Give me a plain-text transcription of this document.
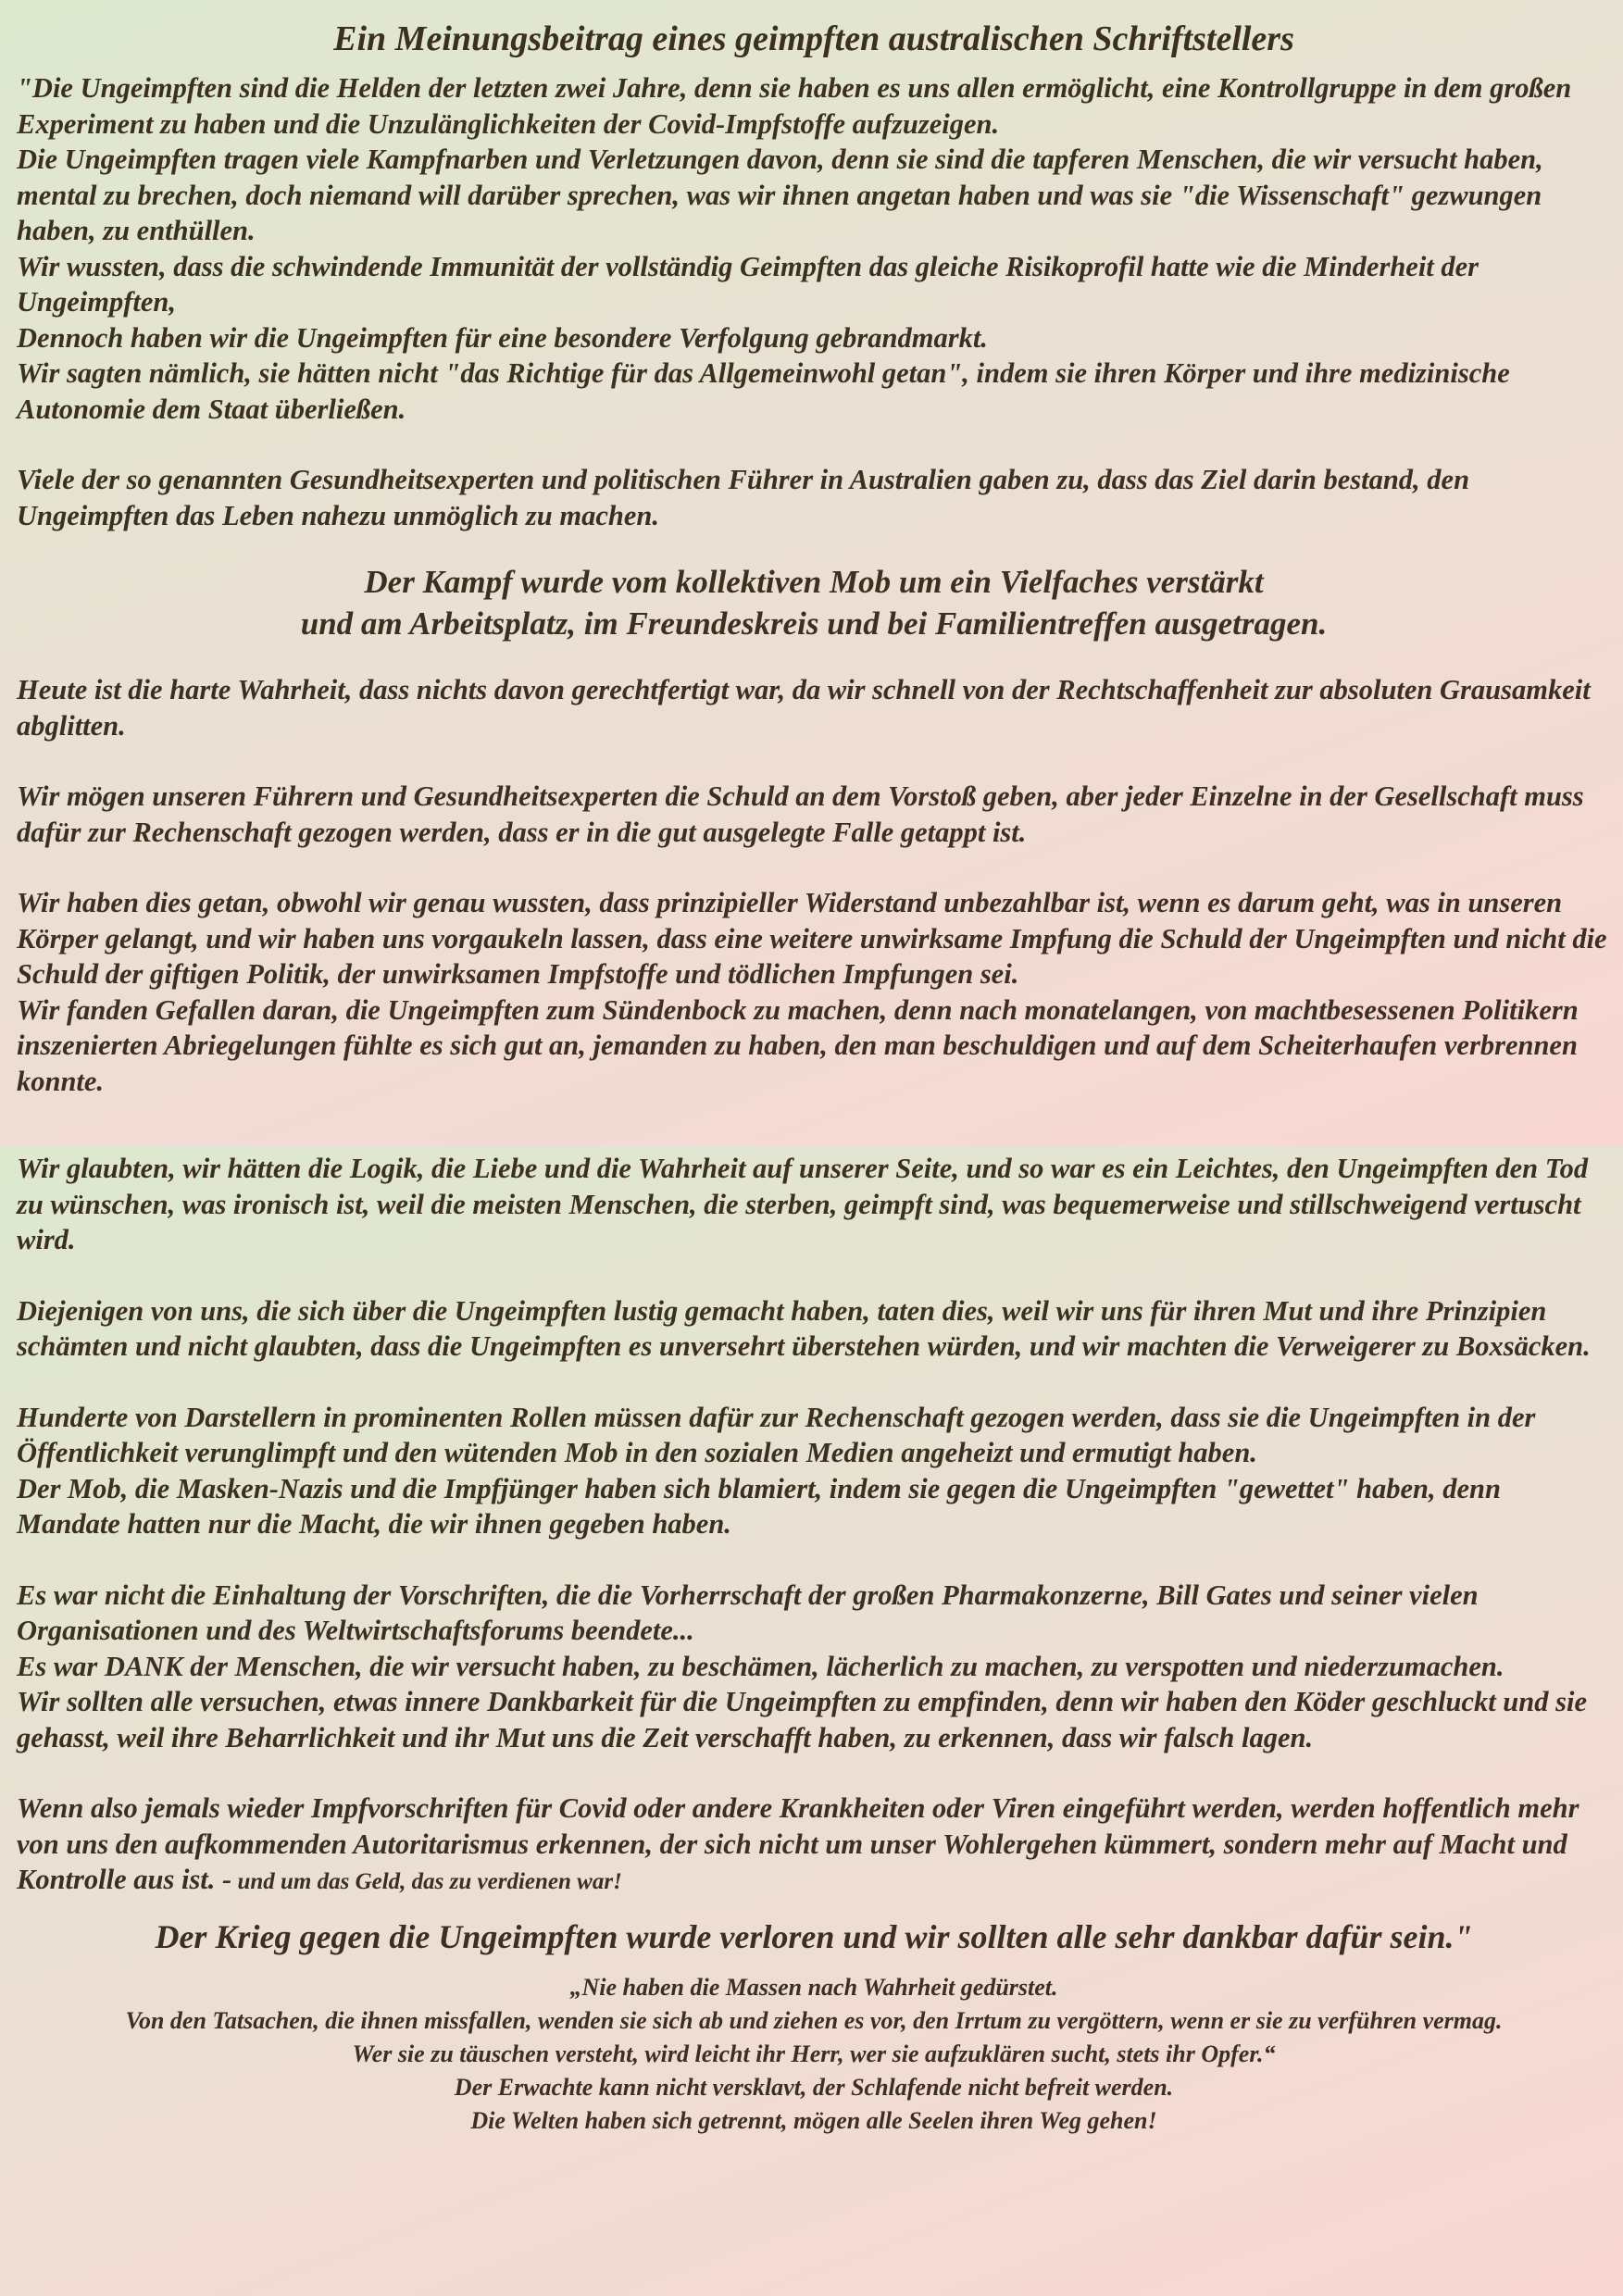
Ein Meinungsbeitrag eines geimpften australischen Schriftstellers

"Die Ungeimpften sind die Helden der letzten zwei Jahre, denn sie haben es uns allen ermöglicht, eine Kontrollgruppe in dem großen Experiment zu haben und die Unzulänglichkeiten der Covid-Impfstoffe aufzuzeigen.

Die Ungeimpften tragen viele Kampfnarben und Verletzungen davon, denn sie sind die tapferen Menschen, die wir versucht haben, mental zu brechen, doch niemand will darüber sprechen, was wir ihnen angetan haben und was sie "die Wissenschaft" gezwungen haben, zu enthüllen.

Wir wussten, dass die schwindende Immunität der vollständig Geimpften das gleiche Risikoprofil hatte wie die Minderheit der Ungeimpften,

Dennoch haben wir die Ungeimpften für eine besondere Verfolgung gebrandmarkt.

Wir sagten nämlich, sie hätten nicht "das Richtige für das Allgemeinwohl getan", indem sie ihren Körper und ihre medizinische Autonomie dem Staat überließen.

Viele der so genannten Gesundheitsexperten und politischen Führer in Australien gaben zu, dass das Ziel darin bestand, den Ungeimpften das Leben nahezu unmöglich zu machen.

Der Kampf wurde vom kollektiven Mob um ein Vielfaches verstärkt

und am Arbeitsplatz, im Freundeskreis und bei Familientreffen ausgetragen.

Heute ist die harte Wahrheit, dass nichts davon gerechtfertigt war, da wir schnell von der Rechtschaffenheit zur absoluten Grausamkeit abglitten.

Wir mögen unseren Führern und Gesundheitsexperten die Schuld an dem Vorstoß geben, aber jeder Einzelne in der Gesellschaft muss dafür zur Rechenschaft gezogen werden, dass er in die gut ausgelegte Falle getappt ist.

Wir haben dies getan, obwohl wir genau wussten, dass prinzipieller Widerstand unbezahlbar ist, wenn es darum geht, was in unseren Körper gelangt, und wir haben uns vorgaukeln lassen, dass eine weitere unwirksame Impfung die Schuld der Ungeimpften und nicht die Schuld der giftigen Politik, der unwirksamen Impfstoffe und tödlichen Impfungen sei.

Wir fanden Gefallen daran, die Ungeimpften zum Sündenbock zu machen, denn nach monatelangen, von machtbesessenen Politikern inszenierten Abriegelungen fühlte es sich gut an, jemanden zu haben, den man beschuldigen und auf dem Scheiterhaufen verbrennen konnte.

Wir glaubten, wir hätten die Logik, die Liebe und die Wahrheit auf unserer Seite, und so war es ein Leichtes, den Ungeimpften den Tod zu wünschen, was ironisch ist, weil die meisten Menschen, die sterben, geimpft sind, was bequemerweise und stillschweigend vertuscht wird.

Diejenigen von uns, die sich über die Ungeimpften lustig gemacht haben, taten dies, weil wir uns für ihren Mut und ihre Prinzipien schämten und nicht glaubten, dass die Ungeimpften es unversehrt überstehen würden, und wir machten die Verweigerer zu Boxsäcken.

Hunderte von Darstellern in prominenten Rollen müssen dafür zur Rechenschaft gezogen werden, dass sie die Ungeimpften in der Öffentlichkeit verunglimpft und den wütenden Mob in den sozialen Medien angeheizt und ermutigt haben.

Der Mob, die Masken-Nazis und die Impfjünger haben sich blamiert, indem sie gegen die Ungeimpften "gewettet" haben, denn Mandate hatten nur die Macht, die wir ihnen gegeben haben.

Es war nicht die Einhaltung der Vorschriften, die die Vorherrschaft der großen Pharmakonzerne, Bill Gates und seiner vielen Organisationen und des Weltwirtschaftsforums beendete...

Es war DANK der Menschen, die wir versucht haben, zu beschämen, lächerlich zu machen, zu verspotten und niederzumachen.

Wir sollten alle versuchen, etwas innere Dankbarkeit für die Ungeimpften zu empfinden, denn wir haben den Köder geschluckt und sie gehasst, weil ihre Beharrlichkeit und ihr Mut uns die Zeit verschafft haben, zu erkennen, dass wir falsch lagen.

Wenn also jemals wieder Impfvorschriften für Covid oder andere Krankheiten oder Viren eingeführt werden, werden hoffentlich mehr von uns den aufkommenden Autoritarismus erkennen, der sich nicht um unser Wohlergehen kümmert, sondern mehr auf Macht und Kontrolle aus ist. - und um das Geld, das zu verdienen war!

Der Krieg gegen die Ungeimpften wurde verloren und wir sollten alle sehr dankbar dafür sein."

„Nie haben die Massen nach Wahrheit gedürstet.

Von den Tatsachen, die ihnen missfallen, wenden sie sich ab und ziehen es vor, den Irrtum zu vergöttern, wenn er sie zu verführen vermag.

Wer sie zu täuschen versteht, wird leicht ihr Herr, wer sie aufzuklären sucht, stets ihr Opfer.“

Der Erwachte kann nicht versklavt, der Schlafende nicht befreit werden.

Die Welten haben sich getrennt, mögen alle Seelen ihren Weg gehen!
